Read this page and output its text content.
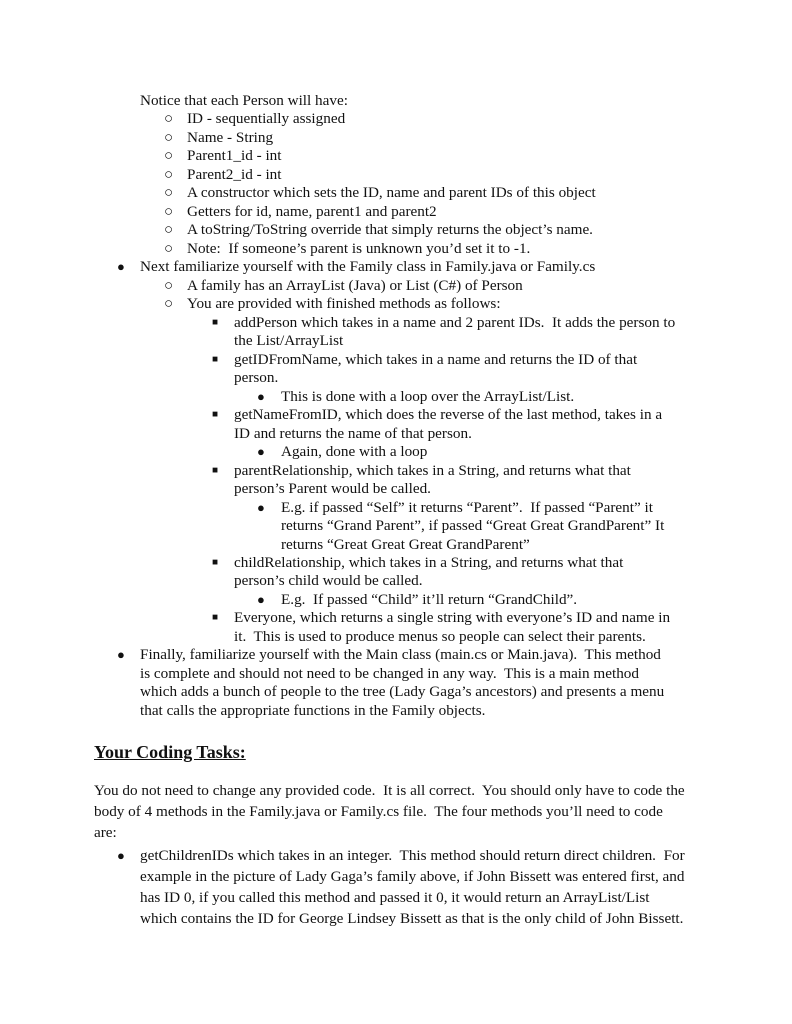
Notice that each Person will have:
○ ID - sequentially assigned
○ Name - String
○ Parent1_id - int
○ Parent2_id - int
○ A constructor which sets the ID, name and parent IDs of this object
○ Getters for id, name, parent1 and parent2
○ A toString/ToString override that simply returns the object’s name.
○ Note:  If someone’s parent is unknown you’d set it to -1.
● Next familiarize yourself with the Family class in Family.java or Family.cs
○ A family has an ArrayList (Java) or List (C#) of Person
○ You are provided with finished methods as follows:
■ addPerson which takes in a name and 2 parent IDs.  It adds the person to
the List/ArrayList
■ getIDFromName, which takes in a name and returns the ID of that
person.
● This is done with a loop over the ArrayList/List.
■ getNameFromID, which does the reverse of the last method, takes in a
ID and returns the name of that person.
● Again, done with a loop
■ parentRelationship, which takes in a String, and returns what that
person’s Parent would be called.
● E.g. if passed “Self” it returns “Parent”.  If passed “Parent” it
returns “Grand Parent”, if passed “Great Great GrandParent” It
returns “Great Great Great GrandParent”
■ childRelationship, which takes in a String, and returns what that
person’s child would be called.
● E.g.  If passed “Child” it’ll return “GrandChild”.
■ Everyone, which returns a single string with everyone’s ID and name in
it.  This is used to produce menus so people can select their parents.
● Finally, familiarize yourself with the Main class (main.cs or Main.java).  This method
is complete and should not need to be changed in any way.  This is a main method
which adds a bunch of people to the tree (Lady Gaga’s ancestors) and presents a menu
that calls the appropriate functions in the Family objects.
Your Coding Tasks:
You do not need to change any provided code.  It is all correct.  You should only have to code the
body of 4 methods in the Family.java or Family.cs file.  The four methods you’ll need to code
are:
● getChildrenIDs which takes in an integer.  This method should return direct children.  For
example in the picture of Lady Gaga’s family above, if John Bissett was entered first, and
has ID 0, if you called this method and passed it 0, it would return an ArrayList/List
which contains the ID for George Lindsey Bissett as that is the only child of John Bissett.
